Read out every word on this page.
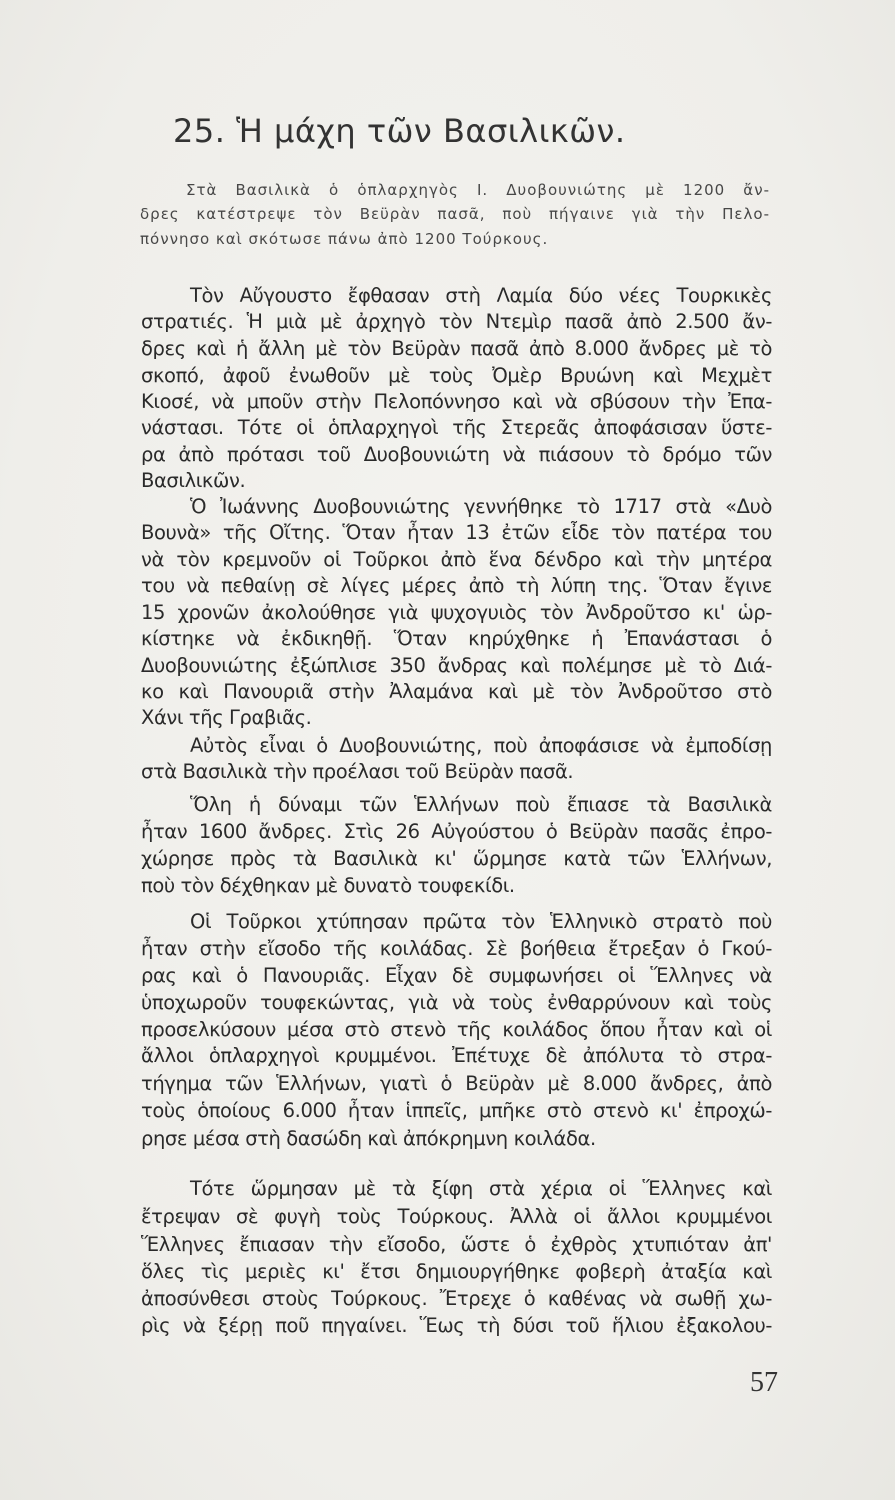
25. Ἡ μάχη τῶν Βασιλικῶν.
Στὰ Βασιλικὰ ὁ ὁπλαρχηγὸς Ι. Δυοβουνιώτης μὲ 1200 ἄν-
δρες κατέστρεψε τὸν Βεϋρὰν πασᾶ, ποὺ πήγαινε γιὰ τὴν Πελο-
πόννησο καὶ σκότωσε πάνω ἀπὸ 1200 Τούρκους.
Τὸν Αὔγουστο ἔφθασαν στὴ Λαμία δύο νέες Τουρκικὲς
στρατιές. Ἡ μιὰ μὲ ἀρχηγὸ τὸν Ντεμὶρ πασᾶ ἀπὸ 2.500 ἄν-
δρες καὶ ἡ ἄλλη μὲ τὸν Βεϋρὰν πασᾶ ἀπὸ 8.000 ἄνδρες μὲ τὸ
σκοπό, ἀφοῦ ἐνωθοῦν μὲ τοὺς Ὀμὲρ Βρυώνη καὶ Μεχμὲτ
Κιοσέ, νὰ μποῦν στὴν Πελοπόννησο καὶ νὰ σβύσουν τὴν Ἐπα-
νάστασι. Τότε οἱ ὁπλαρχηγοὶ τῆς Στερεᾶς ἀποφάσισαν ὕστε-
ρα ἀπὸ πρότασι τοῦ Δυοβουνιώτη νὰ πιάσουν τὸ δρόμο τῶν
Βασιλικῶν.
Ὁ Ἰωάννης Δυοβουνιώτης γεννήθηκε τὸ 1717 στὰ «Δυὸ
Βουνὰ» τῆς Οἴτης. Ὅταν ἦταν 13 ἐτῶν εἶδε τὸν πατέρα του
νὰ τὸν κρεμνοῦν οἱ Τοῦρκοι ἀπὸ ἕνα δένδρο καὶ τὴν μητέρα
του νὰ πεθαίνῃ σὲ λίγες μέρες ἀπὸ τὴ λύπη της. Ὅταν ἔγινε
15 χρονῶν ἀκολούθησε γιὰ ψυχογυιὸς τὸν Ἀνδροῦτσο κι' ὡρ-
κίστηκε νὰ ἐκδικηθῇ. Ὅταν κηρύχθηκε ἡ Ἐπανάστασι ὁ
Δυοβουνιώτης ἐξώπλισε 350 ἄνδρας καὶ πολέμησε μὲ τὸ Διά-
κο καὶ Πανουριᾶ στὴν Ἀλαμάνα καὶ μὲ τὸν Ἀνδροῦτσο στὸ
Χάνι τῆς Γραβιᾶς.
Αὐτὸς εἶναι ὁ Δυοβουνιώτης, ποὺ ἀποφάσισε νὰ ἐμποδίσῃ
στὰ Βασιλικὰ τὴν προέλασι τοῦ Βεϋρὰν πασᾶ.
Ὅλη ἡ δύναμι τῶν Ἑλλήνων ποὺ ἔπιασε τὰ Βασιλικὰ
ἦταν 1600 ἄνδρες. Στὶς 26 Αὐγούστου ὁ Βεϋρὰν πασᾶς ἐπρο-
χώρησε πρὸς τὰ Βασιλικὰ κι' ὥρμησε κατὰ τῶν Ἑλλήνων,
ποὺ τὸν δέχθηκαν μὲ δυνατὸ τουφεκίδι.
Οἱ Τοῦρκοι χτύπησαν πρῶτα τὸν Ἑλληνικὸ στρατὸ ποὺ
ἦταν στὴν εἴσοδο τῆς κοιλάδας. Σὲ βοήθεια ἔτρεξαν ὁ Γκού-
ρας καὶ ὁ Πανουριᾶς. Εἶχαν δὲ συμφωνήσει οἱ Ἕλληνες νὰ
ὑποχωροῦν τουφεκώντας, γιὰ νὰ τοὺς ἐνθαρρύνουν καὶ τοὺς
προσελκύσουν μέσα στὸ στενὸ τῆς κοιλάδος ὅπου ἦταν καὶ οἱ
ἄλλοι ὁπλαρχηγοὶ κρυμμένοι. Ἐπέτυχε δὲ ἀπόλυτα τὸ στρα-
τήγημα τῶν Ἑλλήνων, γιατὶ ὁ Βεϋρὰν μὲ 8.000 ἄνδρες, ἀπὸ
τοὺς ὁποίους 6.000 ἦταν ἱππεῖς, μπῆκε στὸ στενὸ κι' ἐπροχώ-
ρησε μέσα στὴ δασώδη καὶ ἀπόκρημνη κοιλάδα.
Τότε ὥρμησαν μὲ τὰ ξίφη στὰ χέρια οἱ Ἕλληνες καὶ
ἔτρεψαν σὲ φυγὴ τοὺς Τούρκους. Ἀλλὰ οἱ ἄλλοι κρυμμένοι
Ἕλληνες ἔπιασαν τὴν εἴσοδο, ὥστε ὁ ἐχθρὸς χτυπιόταν ἀπ'
ὅλες τὶς μεριὲς κι' ἔτσι δημιουργήθηκε φοβερὴ ἀταξία καὶ
ἀποσύνθεσι στοὺς Τούρκους. Ἔτρεχε ὁ καθένας νὰ σωθῇ χω-
ρὶς νὰ ξέρῃ ποῦ πηγαίνει. Ἕως τὴ δύσι τοῦ ἥλιου ἐξακολου-
57
